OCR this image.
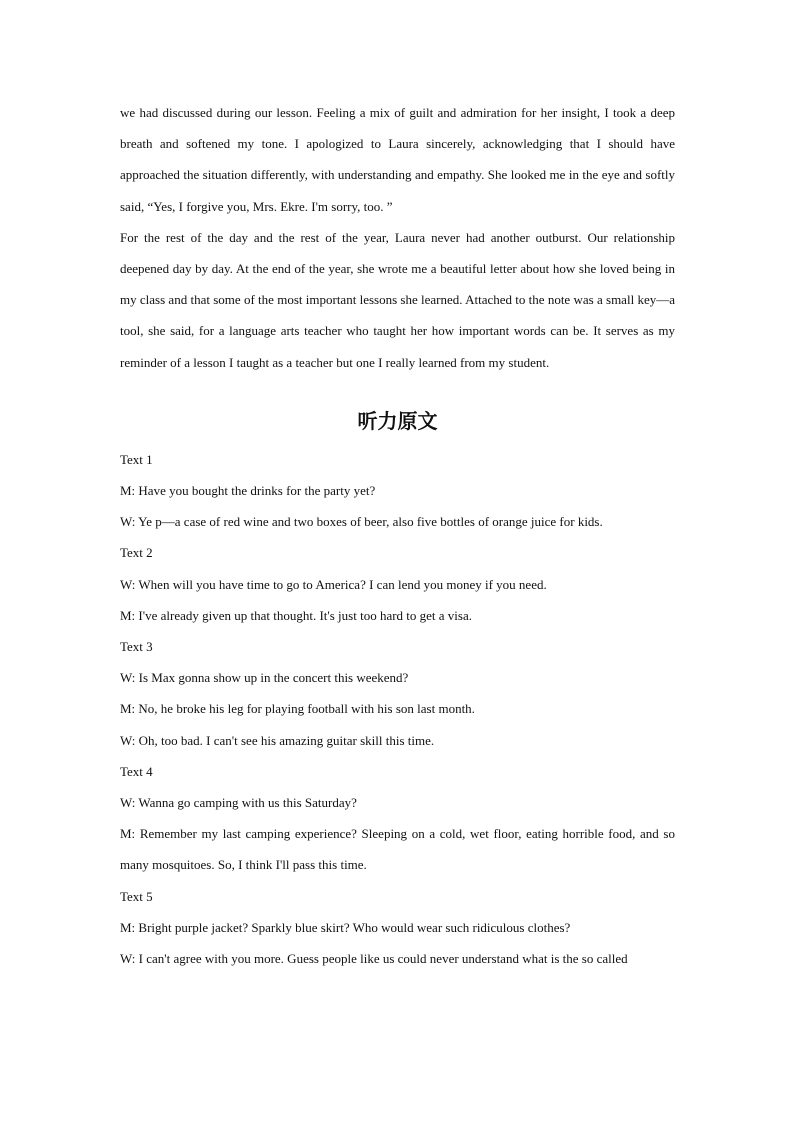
we had discussed during our lesson. Feeling a mix of guilt and admiration for her insight, I took a deep breath and softened my tone. I apologized to Laura sincerely, acknowledging that I should have approached the situation differently, with understanding and empathy. She looked me in the eye and softly said, “Yes, I forgive you, Mrs. Ekre. I'm sorry, too. ”

For the rest of the day and the rest of the year, Laura never had another outburst. Our relationship deepened day by day. At the end of the year, she wrote me a beautiful letter about how she loved being in my class and that some of the most important lessons she learned. Attached to the note was a small key—a tool, she said, for a language arts teacher who taught her how important words can be. It serves as my reminder of a lesson I taught as a teacher but one I really learned from my student.

听力原文

Text 1

M: Have you bought the drinks for the party yet?

W: Ye p—a case of red wine and two boxes of beer, also five bottles of orange juice for kids.

Text 2

W: When will you have time to go to America? I can lend you money if you need.

M: I've already given up that thought. It's just too hard to get a visa.

Text 3

W: Is Max gonna show up in the concert this weekend?

M: No, he broke his leg for playing football with his son last month.

W: Oh, too bad. I can't see his amazing guitar skill this time.

Text 4

W: Wanna go camping with us this Saturday?

M: Remember my last camping experience? Sleeping on a cold, wet floor, eating horrible food, and so many mosquitoes. So, I think I'll pass this time.

Text 5

M: Bright purple jacket? Sparkly blue skirt? Who would wear such ridiculous clothes?

W: I can't agree with you more. Guess people like us could never understand what is the so called
